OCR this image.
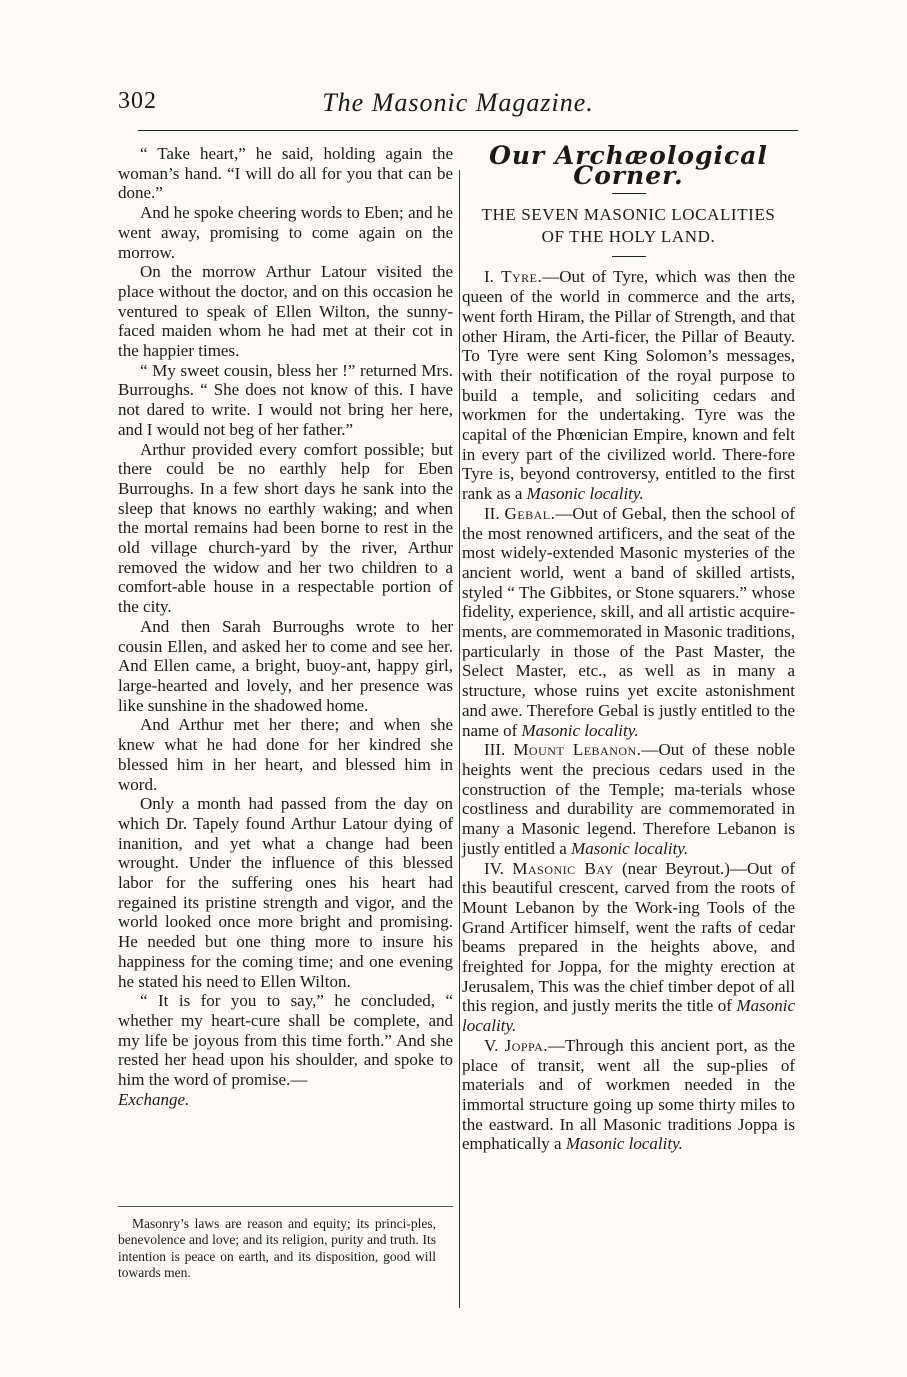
302	The Masonic Magazine.

“ Take heart,” he said, holding again the woman’s hand. “I will do all for you that can be done.”

And he spoke cheering words to Eben; and he went away, promising to come again on the morrow.

On the morrow Arthur Latour visited the place without the doctor, and on this occasion he ventured to speak of Ellen Wilton, the sunny-faced maiden whom he had met at their cot in the happier times.

“ My sweet cousin, bless her !” returned Mrs. Burroughs. “ She does not know of this. I have not dared to write. I would not bring her here, and I would not beg of her father.”

Arthur provided every comfort possible; but there could be no earthly help for Eben Burroughs. In a few short days he sank into the sleep that knows no earthly waking; and when the mortal remains had been borne to rest in the old village church-yard by the river, Arthur removed the widow and her two children to a comfort-able house in a respectable portion of the city.

And then Sarah Burroughs wrote to her cousin Ellen, and asked her to come and see her. And Ellen came, a bright, buoy-ant, happy girl, large-hearted and lovely, and her presence was like sunshine in the shadowed home.

And Arthur met her there; and when she knew what he had done for her kindred she blessed him in her heart, and blessed him in word.

Only a month had passed from the day on which Dr. Tapely found Arthur Latour dying of inanition, and yet what a change had been wrought. Under the influence of this blessed labor for the suffering ones his heart had regained its pristine strength and vigor, and the world looked once more bright and promising. He needed but one thing more to insure his happiness for the coming time; and one evening he stated his need to Ellen Wilton.

“ It is for you to say,” he concluded, “ whether my heart-cure shall be complete, and my life be joyous from this time forth.” And she rested her head upon his shoulder, and spoke to him the word of promise.—

Exchange.

Masonry’s laws are reason and equity; its princi-ples, benevolence and love; and its religion, purity and truth. Its intention is peace on earth, and its disposition, good will towards men.

Our Archæological Corner.
THE SEVEN MASONIC LOCALITIES
OF THE HOLY LAND.

I. Tyre.—Out of Tyre, which was then the queen of the world in commerce and the arts, went forth Hiram, the Pillar of Strength, and that other Hiram, the Arti-ficer, the Pillar of Beauty. To Tyre were sent King Solomon’s messages, with their notification of the royal purpose to build a temple, and soliciting cedars and workmen for the undertaking. Tyre was the capital of the Phœnician Empire, known and felt in every part of the civilized world. There-fore Tyre is, beyond controversy, entitled to the first rank as a Masonic locality.

II. Gebal.—Out of Gebal, then the school of the most renowned artificers, and the seat of the most widely-extended Masonic mysteries of the ancient world, went a band of skilled artists, styled “ The Gibbites, or Stone squarers.” whose fidelity, experience, skill, and all artistic acquire-ments, are commemorated in Masonic traditions, particularly in those of the Past Master, the Select Master, etc., as well as in many a structure, whose ruins yet excite astonishment and awe. Therefore Gebal is justly entitled to the name of Masonic locality.

III. Mount Lebanon.—Out of these noble heights went the precious cedars used in the construction of the Temple; ma-terials whose costliness and durability are commemorated in many a Masonic legend. Therefore Lebanon is justly entitled a Masonic locality.

IV. Masonic Bay (near Beyrout.)—Out of this beautiful crescent, carved from the roots of Mount Lebanon by the Work-ing Tools of the Grand Artificer himself, went the rafts of cedar beams prepared in the heights above, and freighted for Joppa, for the mighty erection at Jerusalem, This was the chief timber depot of all this region, and justly merits the title of Masonic locality.

V. Joppa.—Through this ancient port, as the place of transit, went all the sup-plies of materials and of workmen needed in the immortal structure going up some thirty miles to the eastward. In all Masonic traditions Joppa is emphatically a Masonic locality.
